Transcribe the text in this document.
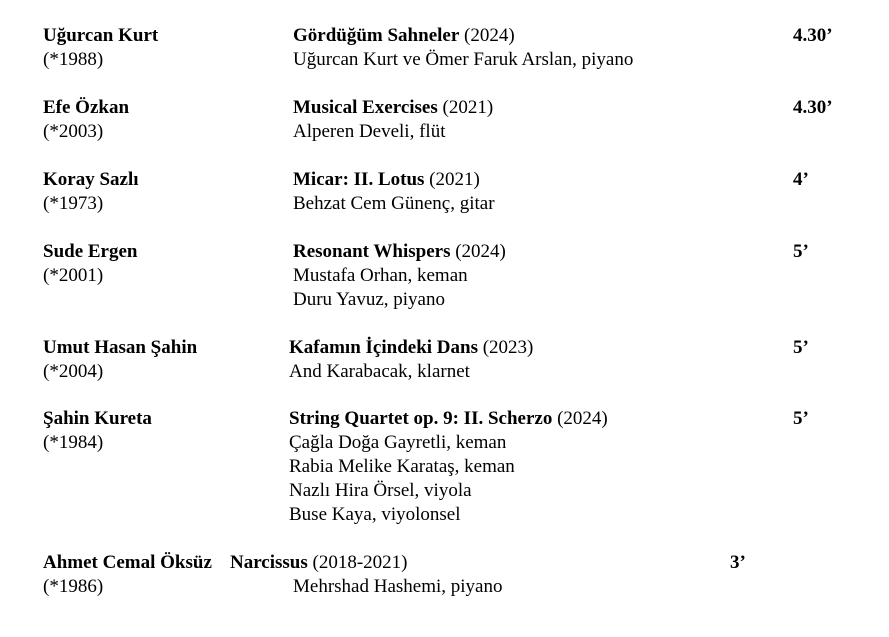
Uğurcan Kurt
(*1988)
Gördüğüm Sahneler (2024)
Uğurcan Kurt ve Ömer Faruk Arslan, piyano
4.30’
Efe Özkan
(*2003)
Musical Exercises (2021)
Alperen Develi, flüt
4.30’
Koray Sazlı
(*1973)
Micar: II. Lotus (2021)
Behzat Cem Günenç, gitar
4’
Sude Ergen
(*2001)
Resonant Whispers (2024)
Mustafa Orhan, keman
Duru Yavuz, piyano
5’
Umut Hasan Şahin
(*2004)
Kafamın İçindeki Dans (2023)
And Karabacak, klarnet
5’
Şahin Kureta
(*1984)
String Quartet op. 9: II. Scherzo (2024)
Çağla Doğa Gayretli, keman
Rabia Melike Karataş, keman
Nazlı Hira Örsel, viyola
Buse Kaya, viyolonsel
5’
Ahmet Cemal Öksüz
(*1986)
Narcissus (2018-2021)
Mehrshad Hashemi, piyano
3’
